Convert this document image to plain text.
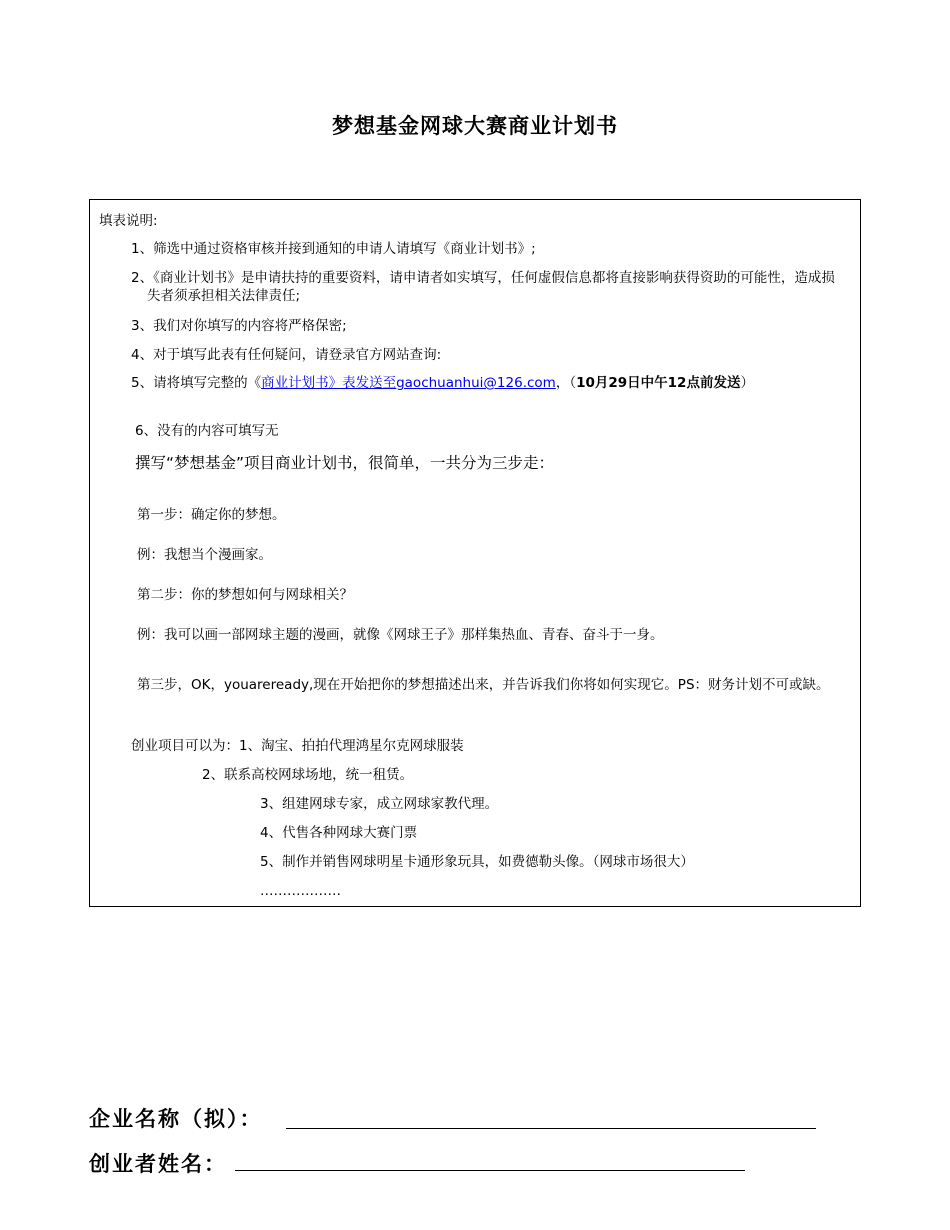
梦想基金网球大赛商业计划书
填表说明:
1、筛选中通过资格审核并接到通知的申请人请填写《商业计划书》;
2、《商业计划书》是申请扶持的重要资料，请申请者如实填写，任何虚假信息都将直接影响获得资助的可能性，造成损失者须承担相关法律责任;
3、我们对你填写的内容将严格保密;
4、对于填写此表有任何疑问，请登录官方网站查询:
5、请将填写完整的《商业计划书》表发送至gaochuanhui@126.com，（10月29日中午12点前发送）
6、没有的内容可填写无
撰写“梦想基金”项目商业计划书，很简单，一共分为三步走：
第一步：确定你的梦想。
例：我想当个漫画家。
第二步：你的梦想如何与网球相关？
例：我可以画一部网球主题的漫画，就像《网球王子》那样集热血、青春、奋斗于一身。
第三步，OK，youareready,现在开始把你的梦想描述出来，并告诉我们你将如何实现它。PS：财务计划不可或缺。
创业项目可以为：1、淘宝、拍拍代理鸿星尔克网球服装
2、联系高校网球场地，统一租赁。
3、组建网球专家，成立网球家教代理。
4、代售各种网球大赛门票
5、制作并销售网球明星卡通形象玩具，如费德勒头像。（网球市场很大）
………………
企业名称（拟）：
创业者姓名：
